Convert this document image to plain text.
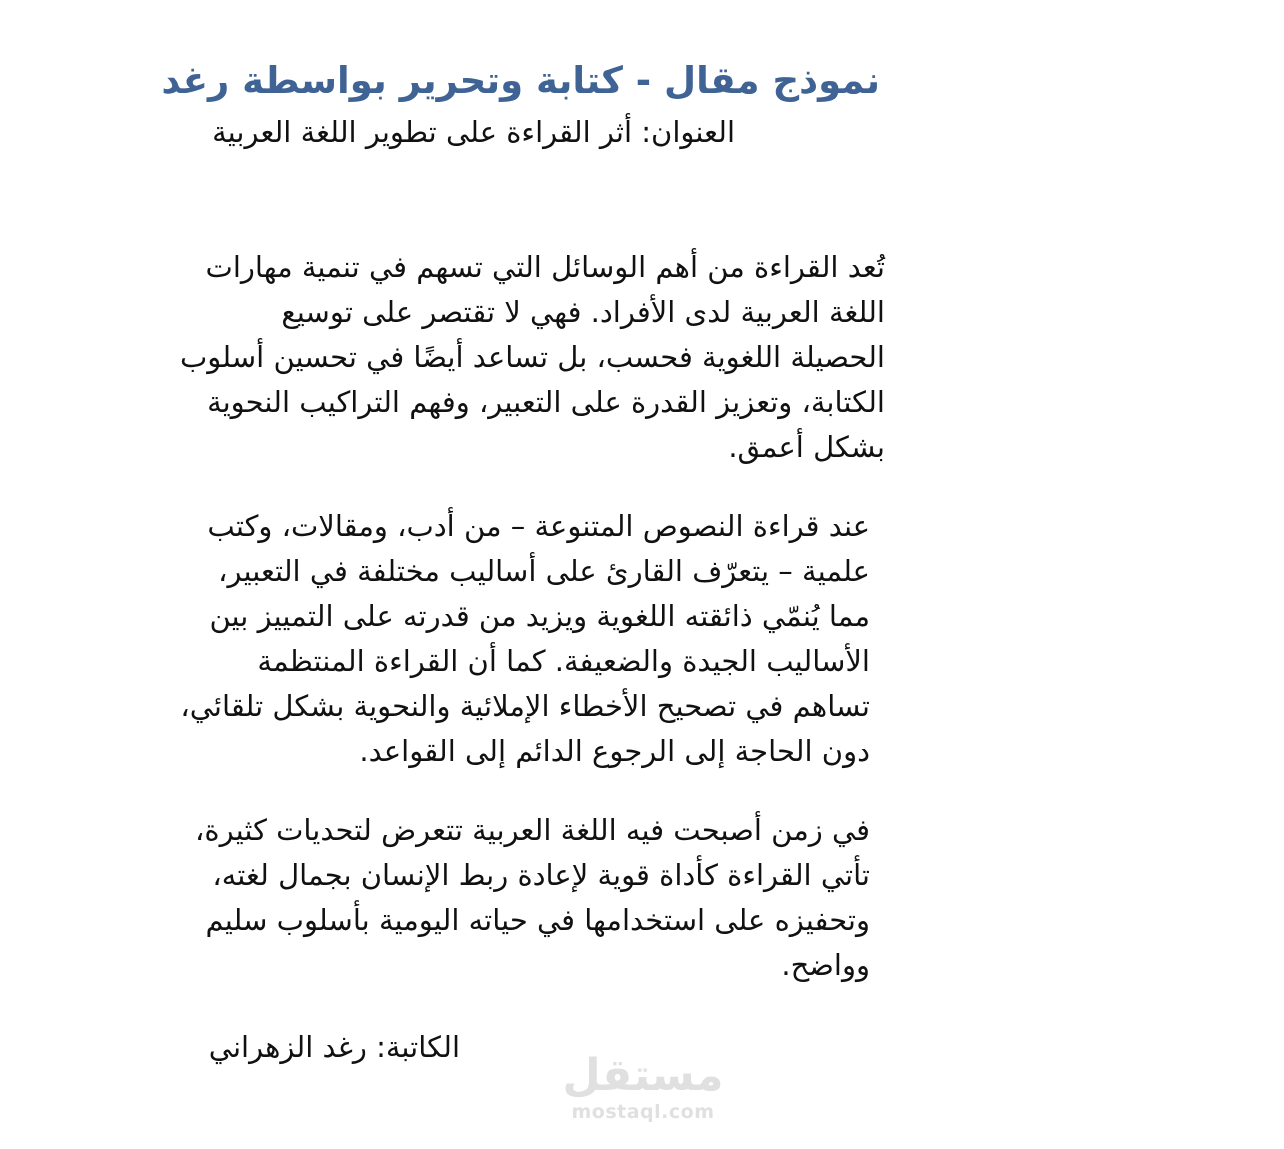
نموذج مقال - كتابة وتحرير بواسطة رغد
العنوان: أثر القراءة على تطوير اللغة العربية

تُعد القراءة من أهم الوسائل التي تسهم في تنمية مهارات اللغة العربية لدى الأفراد. فهي لا تقتصر على توسيع الحصيلة اللغوية فحسب، بل تساعد أيضًا في تحسين أسلوب الكتابة، وتعزيز القدرة على التعبير، وفهم التراكيب النحوية بشكل أعمق.

عند قراءة النصوص المتنوعة – من أدب، ومقالات، وكتب علمية – يتعرّف القارئ على أساليب مختلفة في التعبير، مما يُنمّي ذائقته اللغوية ويزيد من قدرته على التمييز بين الأساليب الجيدة والضعيفة. كما أن القراءة المنتظمة تساهم في تصحيح الأخطاء الإملائية والنحوية بشكل تلقائي، دون الحاجة إلى الرجوع الدائم إلى القواعد.

في زمن أصبحت فيه اللغة العربية تتعرض لتحديات كثيرة، تأتي القراءة كأداة قوية لإعادة ربط الإنسان بجمال لغته، وتحفيزه على استخدامها في حياته اليومية بأسلوب سليم وواضح.

الكاتبة: رغد الزهراني

مستقل
mostaql.com
